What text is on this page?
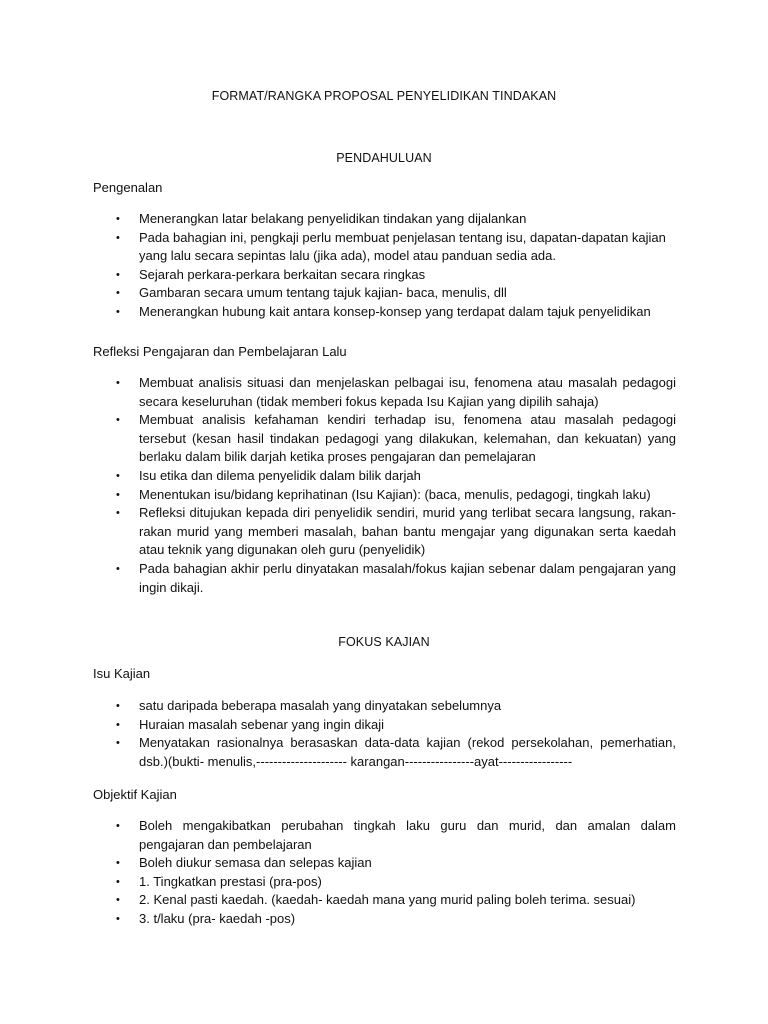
FORMAT/RANGKA PROPOSAL PENYELIDIKAN TINDAKAN
PENDAHULUAN
Pengenalan
• Menerangkan latar belakang penyelidikan tindakan yang dijalankan
• Pada bahagian ini, pengkaji perlu membuat penjelasan tentang isu, dapatan-dapatan kajian yang lalu secara sepintas lalu (jika ada), model atau panduan sedia ada.
• Sejarah perkara-perkara berkaitan secara ringkas
• Gambaran secara umum tentang tajuk kajian- baca, menulis, dll
• Menerangkan hubung kait antara konsep-konsep yang terdapat dalam tajuk penyelidikan
Refleksi Pengajaran dan Pembelajaran Lalu
• Membuat analisis situasi dan menjelaskan pelbagai isu, fenomena atau masalah pedagogi secara keseluruhan (tidak memberi fokus kepada Isu Kajian yang dipilih sahaja)
• Membuat analisis kefahaman kendiri terhadap isu, fenomena atau masalah pedagogi tersebut (kesan hasil tindakan pedagogi yang dilakukan, kelemahan, dan kekuatan) yang berlaku dalam bilik darjah ketika proses pengajaran dan pemelajaran
• Isu etika dan dilema penyelidik dalam bilik darjah
• Menentukan isu/bidang keprihatinan (Isu Kajian): (baca, menulis, pedagogi, tingkah laku)
• Refleksi ditujukan kepada diri penyelidik sendiri, murid yang terlibat secara langsung, rakan-rakan murid yang memberi masalah, bahan bantu mengajar yang digunakan serta kaedah atau teknik yang digunakan oleh guru (penyelidik)
• Pada bahagian akhir perlu dinyatakan masalah/fokus kajian sebenar dalam pengajaran yang ingin dikaji.
FOKUS KAJIAN
Isu Kajian
• satu daripada beberapa masalah yang dinyatakan sebelumnya
• Huraian masalah sebenar yang ingin dikaji
• Menyatakan rasionalnya berasaskan data-data kajian (rekod persekolahan, pemerhatian, dsb.)(bukti- menulis,--------------------- karangan----------------ayat-----------------
Objektif Kajian
• Boleh mengakibatkan perubahan tingkah laku guru dan murid, dan amalan dalam pengajaran dan pembelajaran
• Boleh diukur semasa dan selepas kajian
• 1. Tingkatkan prestasi (pra-pos)
• 2. Kenal pasti kaedah. (kaedah- kaedah mana yang murid paling boleh terima. sesuai)
• 3. t/laku (pra- kaedah -pos)
